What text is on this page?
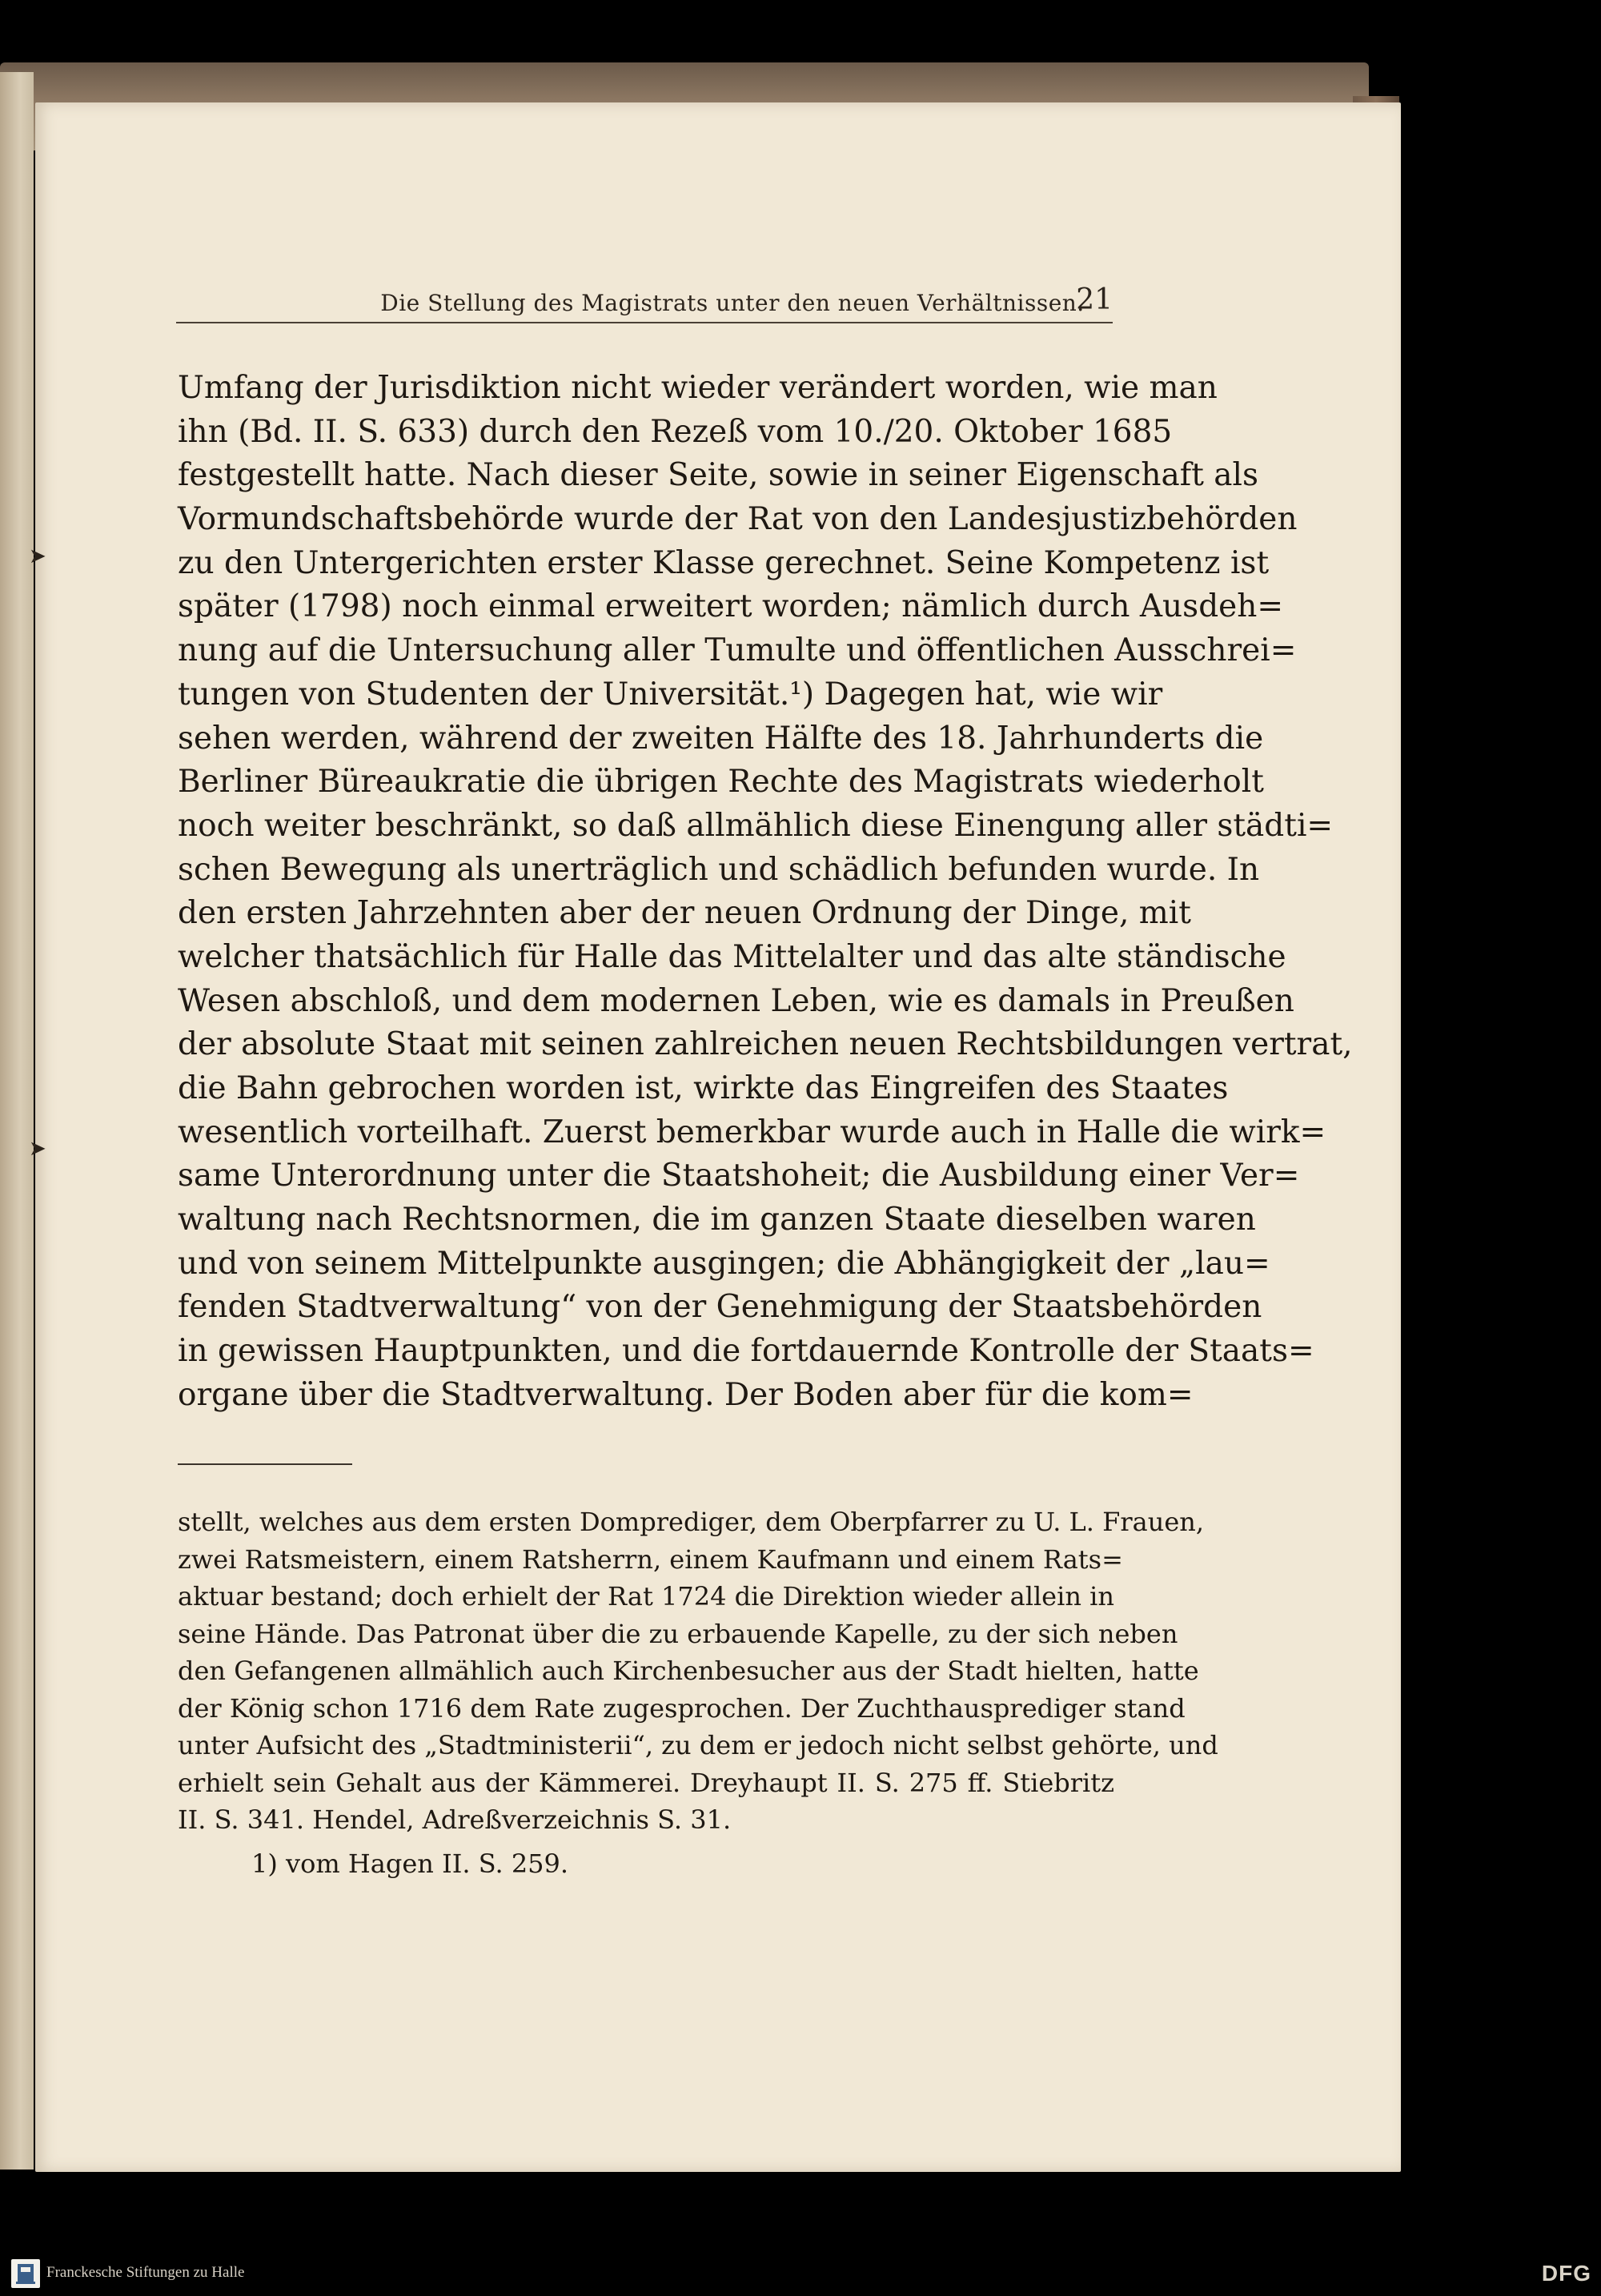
➤
➤
Die Stellung des Magistrats unter den neuen Verhältnissen.
21
Umfang der Jurisdiktion nicht wieder verändert worden, wie man
ihn (Bd. II. S. 633) durch den Rezeß vom 10./20. Oktober 1685
festgestellt hatte. Nach dieser Seite, sowie in seiner Eigenschaft als
Vormundschaftsbehörde wurde der Rat von den Landesjustizbehörden
zu den Untergerichten erster Klasse gerechnet. Seine Kompetenz ist
später (1798) noch einmal erweitert worden; nämlich durch Ausdeh=
nung auf die Untersuchung aller Tumulte und öffentlichen Ausschrei=
tungen von Studenten der Universität.¹) Dagegen hat, wie wir
sehen werden, während der zweiten Hälfte des 18. Jahrhunderts die
Berliner Büreaukratie die übrigen Rechte des Magistrats wiederholt
noch weiter beschränkt, so daß allmählich diese Einengung aller städti=
schen Bewegung als unerträglich und schädlich befunden wurde. In
den ersten Jahrzehnten aber der neuen Ordnung der Dinge, mit
welcher thatsächlich für Halle das Mittelalter und das alte ständische
Wesen abschloß, und dem modernen Leben, wie es damals in Preußen
der absolute Staat mit seinen zahlreichen neuen Rechtsbildungen vertrat,
die Bahn gebrochen worden ist, wirkte das Eingreifen des Staates
wesentlich vorteilhaft. Zuerst bemerkbar wurde auch in Halle die wirk=
same Unterordnung unter die Staatshoheit; die Ausbildung einer Ver=
waltung nach Rechtsnormen, die im ganzen Staate dieselben waren
und von seinem Mittelpunkte ausgingen; die Abhängigkeit der „lau=
fenden Stadtverwaltung“ von der Genehmigung der Staatsbehörden
in gewissen Hauptpunkten, und die fortdauernde Kontrolle der Staats=
organe über die Stadtverwaltung. Der Boden aber für die kom=
stellt, welches aus dem ersten Domprediger, dem Oberpfarrer zu U. L. Frauen,
zwei Ratsmeistern, einem Ratsherrn, einem Kaufmann und einem Rats=
aktuar bestand; doch erhielt der Rat 1724 die Direktion wieder allein in
seine Hände. Das Patronat über die zu erbauende Kapelle, zu der sich neben
den Gefangenen allmählich auch Kirchenbesucher aus der Stadt hielten, hatte
der König schon 1716 dem Rate zugesprochen. Der Zuchthausprediger stand
unter Aufsicht des „Stadtministerii“, zu dem er jedoch nicht selbst gehörte, und
erhielt sein Gehalt aus der Kämmerei. Dreyhaupt II. S. 275 ff. Stiebritz
II. S. 341. Hendel, Adreßverzeichnis S. 31.
1) vom Hagen II. S. 259.
Franckesche Stiftungen zu Halle	DFG
